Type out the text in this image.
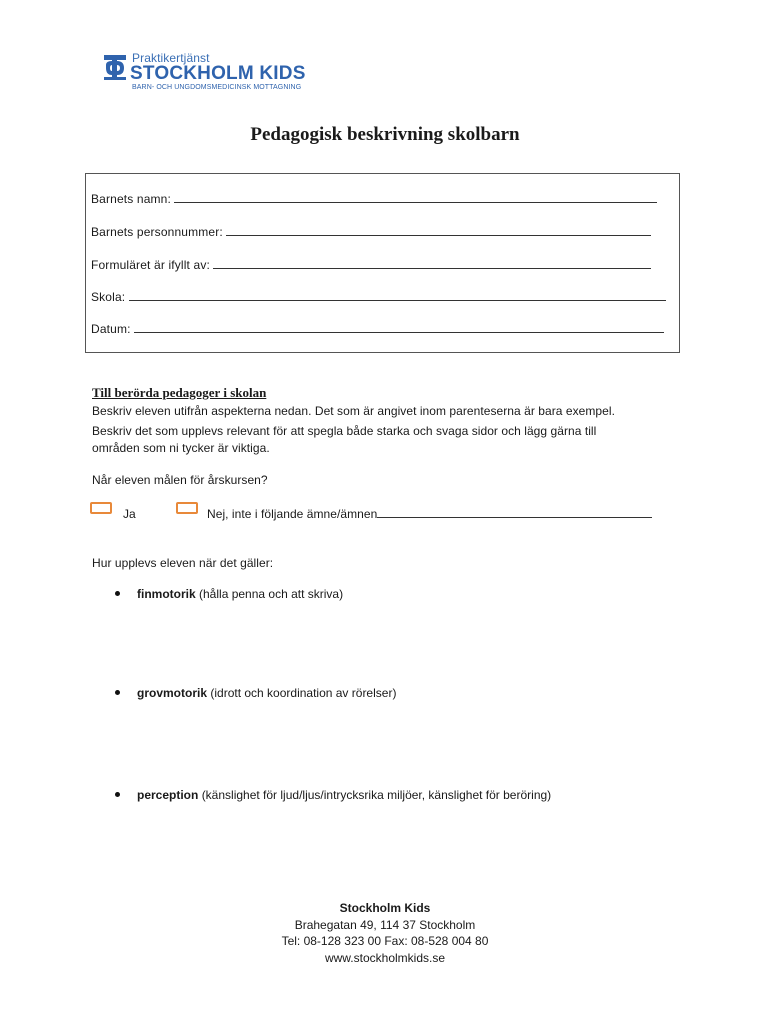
Praktikertjänst
STOCKHOLM KIDS
BARN- OCH UNGDOMSMEDICINSK MOTTAGNING
Pedagogisk beskrivning skolbarn
Barnets namn:
Barnets personnummer:
Formuläret är ifyllt av:
Skola:
Datum:
Till berörda pedagoger i skolan
Beskriv eleven utifrån aspekterna nedan. Det som är angivet inom parenteserna är bara exempel.
Beskriv det som upplevs relevant för att spegla både starka och svaga sidor och lägg gärna till
områden som ni tycker är viktiga.
Når eleven målen för årskursen?
Ja	Nej, inte i följande ämne/ämnen
Hur upplevs eleven när det gäller:
finmotorik (hålla penna och att skriva)
grovmotorik (idrott och koordination av rörelser)
perception (känslighet för ljud/ljus/intrycksrika miljöer, känslighet för beröring)
Stockholm Kids
Brahegatan 49, 114 37 Stockholm
Tel: 08-128 323 00 Fax: 08-528 004 80
www.stockholmkids.se
